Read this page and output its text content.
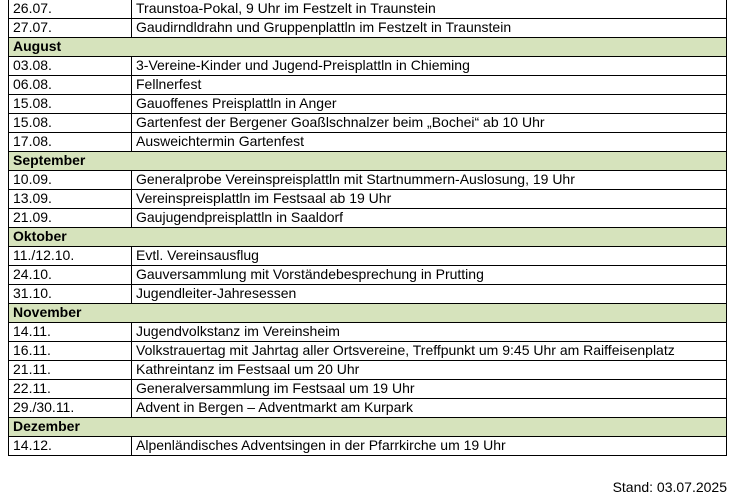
26.07.	Traunstoa-Pokal, 9 Uhr im Festzelt in Traunstein
27.07.	Gaudirndldrahn und Gruppenplattln im Festzelt in Traunstein
August	
03.08.	3-Vereine-Kinder und Jugend-Preisplattln in Chieming
06.08.	Fellnerfest
15.08.	Gauoffenes Preisplattln in Anger
15.08.	Gartenfest der Bergener Goaßlschnalzer beim „Bochei“ ab 10 Uhr
17.08.	Ausweichtermin Gartenfest
September	
10.09.	Generalprobe Vereinspreisplattln mit Startnummern-Auslosung, 19 Uhr
13.09.	Vereinspreisplattln im Festsaal ab 19 Uhr
21.09.	Gaujugendpreisplattln in Saaldorf
Oktober	
11./12.10.	Evtl. Vereinsausflug
24.10.	Gauversammlung mit Vorständebesprechung in Prutting
31.10.	Jugendleiter-Jahresessen
November	
14.11.	Jugendvolkstanz im Vereinsheim
16.11.	Volkstrauertag mit Jahrtag aller Ortsvereine, Treffpunkt um 9:45 Uhr am Raiffeisenplatz
21.11.	Kathreintanz im Festsaal um 20 Uhr
22.11.	Generalversammlung im Festsaal um 19 Uhr
29./30.11.	Advent in Bergen – Adventmarkt am Kurpark
Dezember	
14.12.	Alpenländisches Adventsingen in der Pfarrkirche um 19 Uhr
Stand: 03.07.2025
